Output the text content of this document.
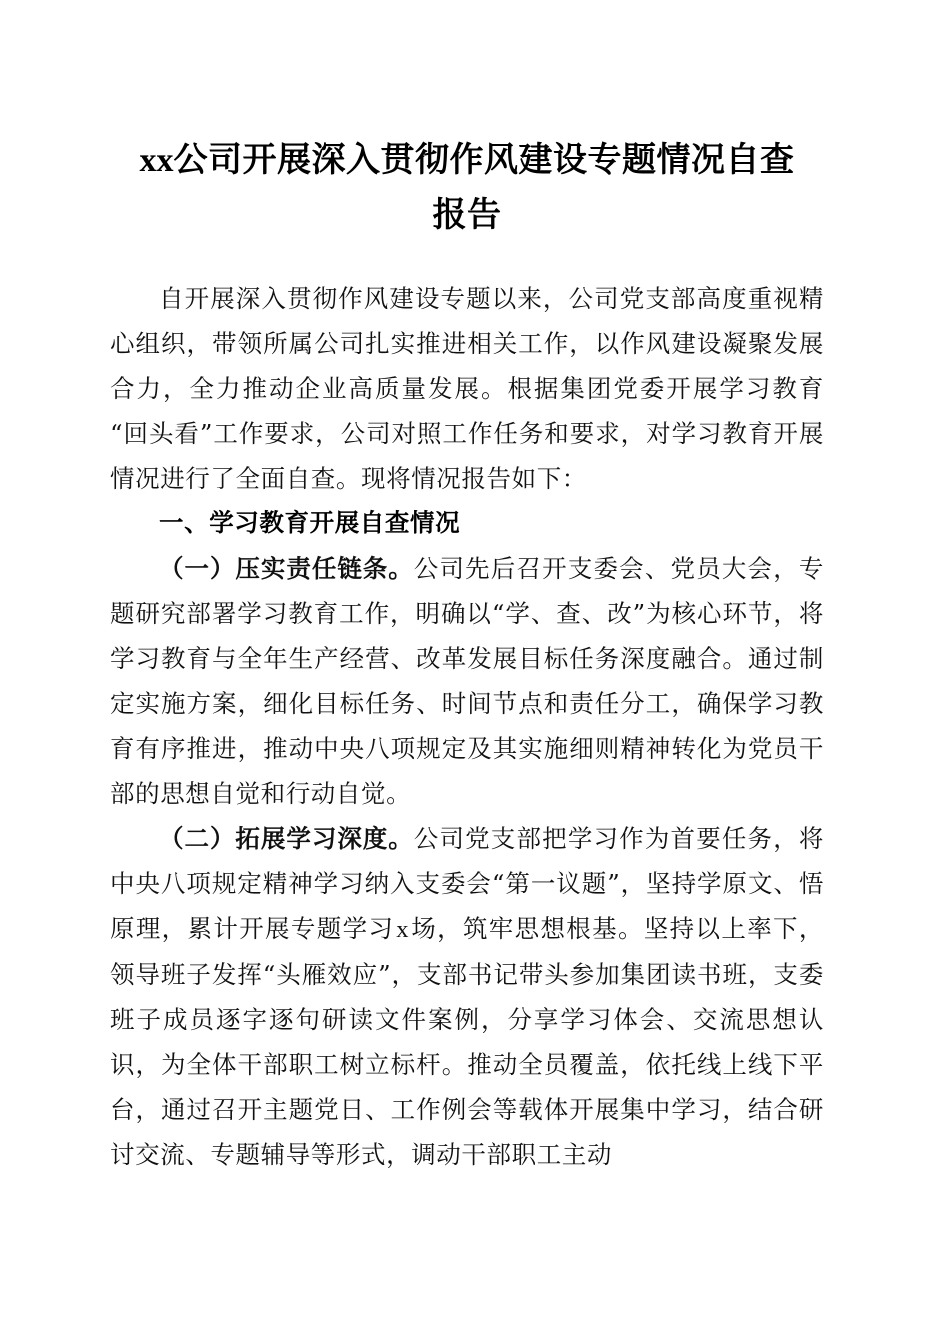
xx公司开展深入贯彻作风建设专题情况自查
报告

自开展深入贯彻作风建设专题以来，公司党支部高度重视精心组织，带领所属公司扎实推进相关工作，以作风建设凝聚发展合力，全力推动企业高质量发展。根据集团党委开展学习教育“回头看”工作要求，公司对照工作任务和要求，对学习教育开展情况进行了全面自查。现将情况报告如下：

一、学习教育开展自查情况

（一）压实责任链条。公司先后召开支委会、党员大会，专题研究部署学习教育工作，明确以“学、查、改”为核心环节，将学习教育与全年生产经营、改革发展目标任务深度融合。通过制定实施方案，细化目标任务、时间节点和责任分工，确保学习教育有序推进，推动中央八项规定及其实施细则精神转化为党员干部的思想自觉和行动自觉。

（二）拓展学习深度。公司党支部把学习作为首要任务，将中央八项规定精神学习纳入支委会“第一议题”，坚持学原文、悟原理，累计开展专题学习x场，筑牢思想根基。坚持以上率下，领导班子发挥“头雁效应”，支部书记带头参加集团读书班，支委班子成员逐字逐句研读文件案例，分享学习体会、交流思想认识，为全体干部职工树立标杆。推动全员覆盖，依托线上线下平台，通过召开主题党日、工作例会等载体开展集中学习，结合研讨交流、专题辅导等形式，调动干部职工主动
